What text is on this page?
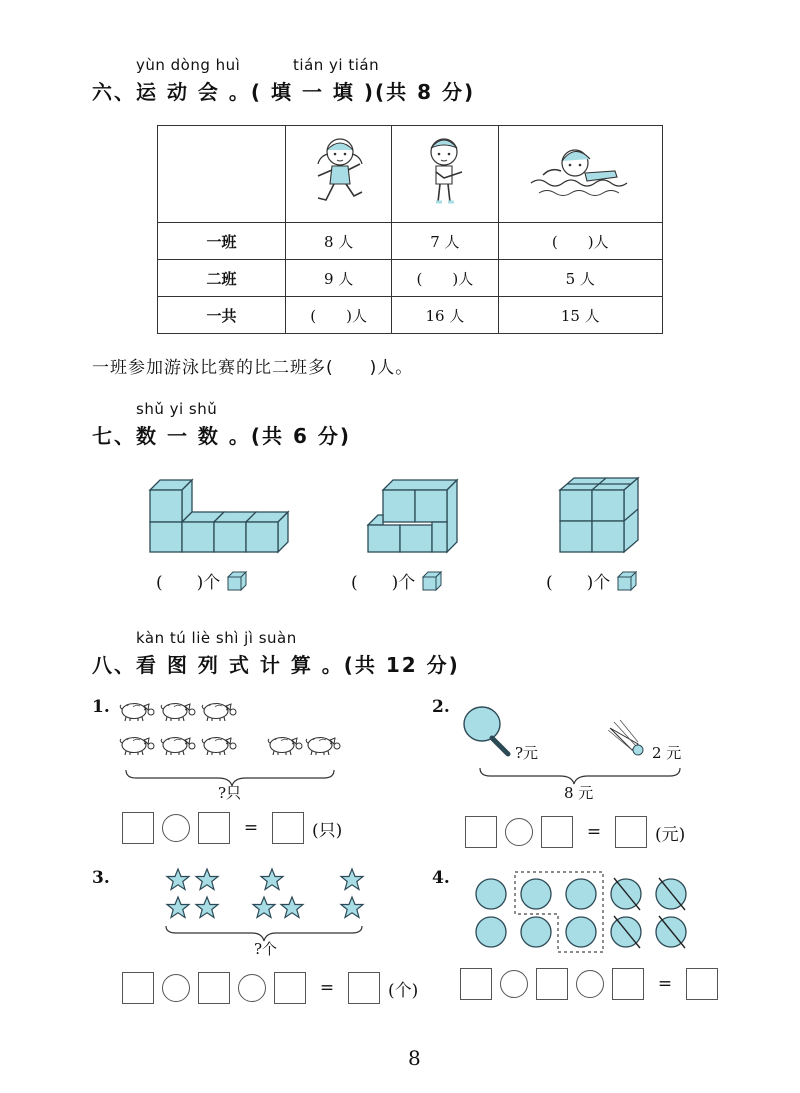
yùn dòng huì          tián yi tián
六、运 动 会 。( 填 一 填 )(共 8 分)

一班	8 人	7 人	(　　)人
二班	9 人	(　　)人	5 人
一共	(　　)人	16 人	15 人
一班参加游泳比赛的比二班多(　　)人。
shǔ yi shǔ
七、数 一 数 。(共 6 分)
(　　)个	(　　)个	(　　)个
kàn tú liè shì jì suàn
八、看 图 列 式 计 算 。(共 12 分)
1.
?只
=	(只)
2.
?元	2 元
8 元
=	(元)
3.
?个
=	(个)
4.
=
8
